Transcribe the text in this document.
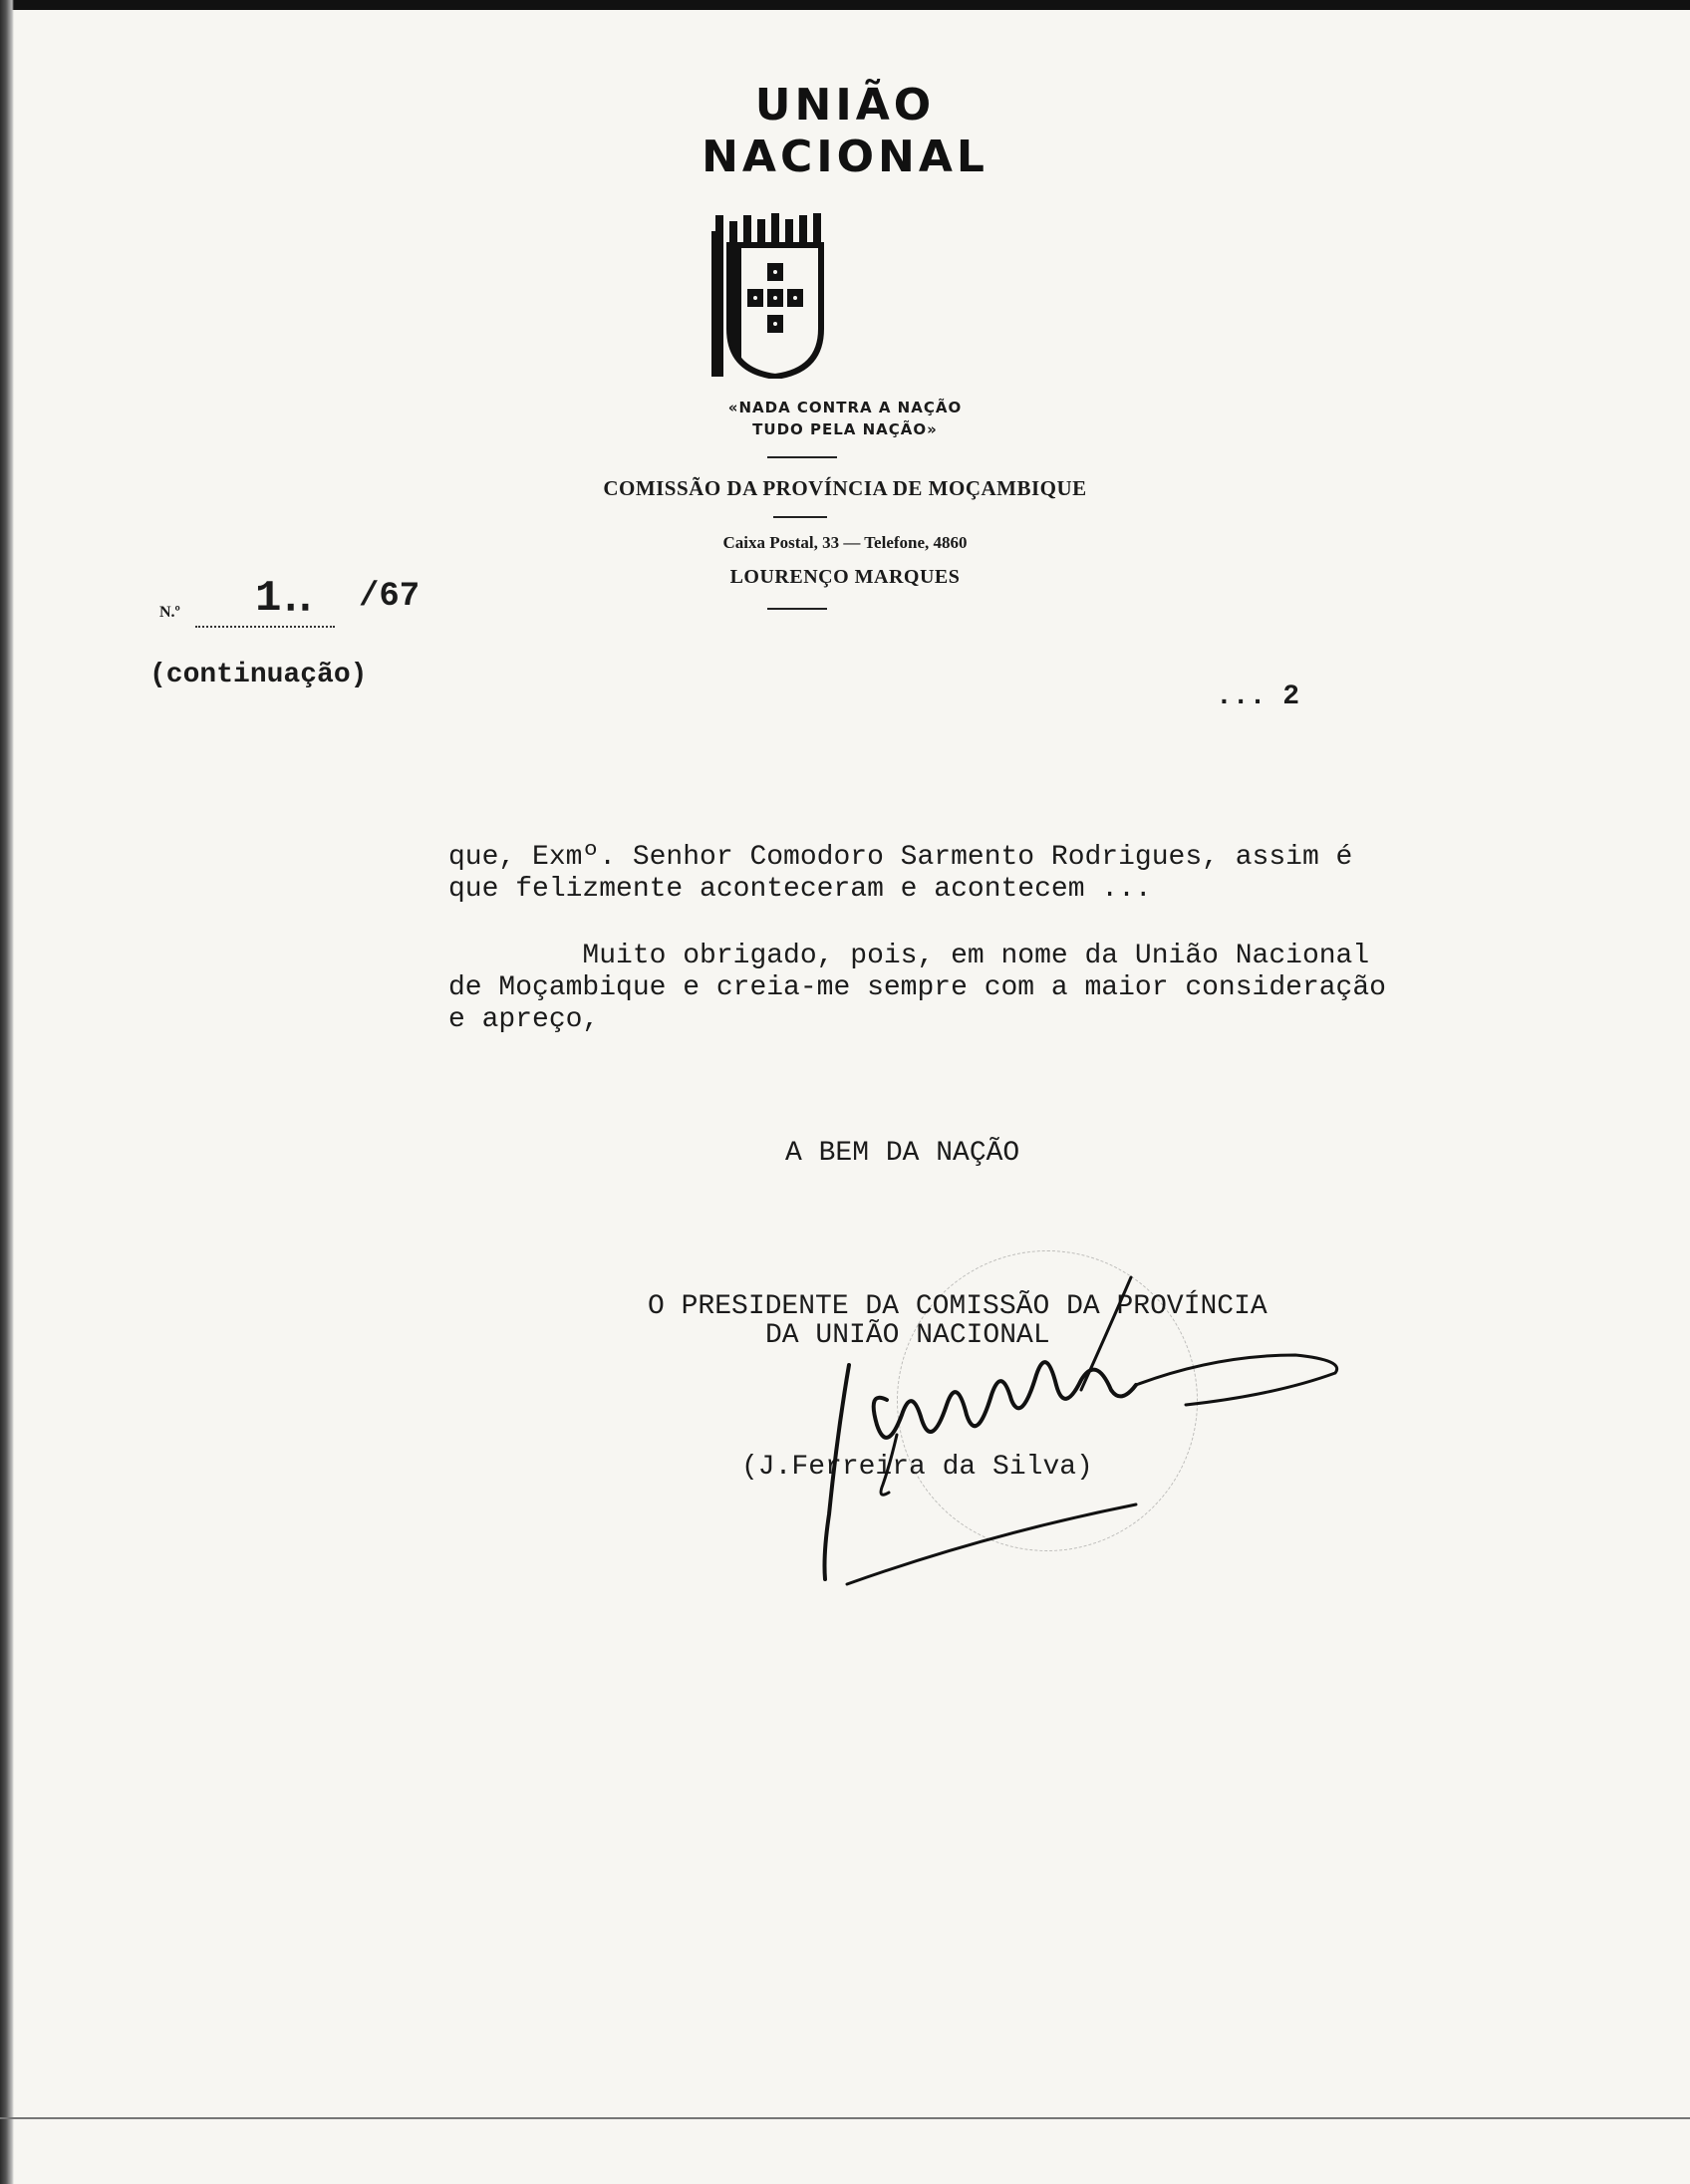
UNIÃO
NACIONAL
«NADA CONTRA A NAÇÃO
TUDO PELA NAÇÃO»
COMISSÃO DA PROVÍNCIA DE MOÇAMBIQUE
Caixa Postal, 33 — Telefone, 4860
LOURENÇO MARQUES
N.º 1‥ /67
(continuação)
... 2
que, Exmº. Senhor Comodoro Sarmento Rodrigues, assim é
que felizmente aconteceram e acontecem ...
Muito obrigado, pois, em nome da União Nacional
de Moçambique e creia-me sempre com a maior consideração
e apreço,
A BEM DA NAÇÃO
O PRESIDENTE DA COMISSÃO DA PROVÍNCIA
DA UNIÃO NACIONAL
(J.Ferreira da Silva)
